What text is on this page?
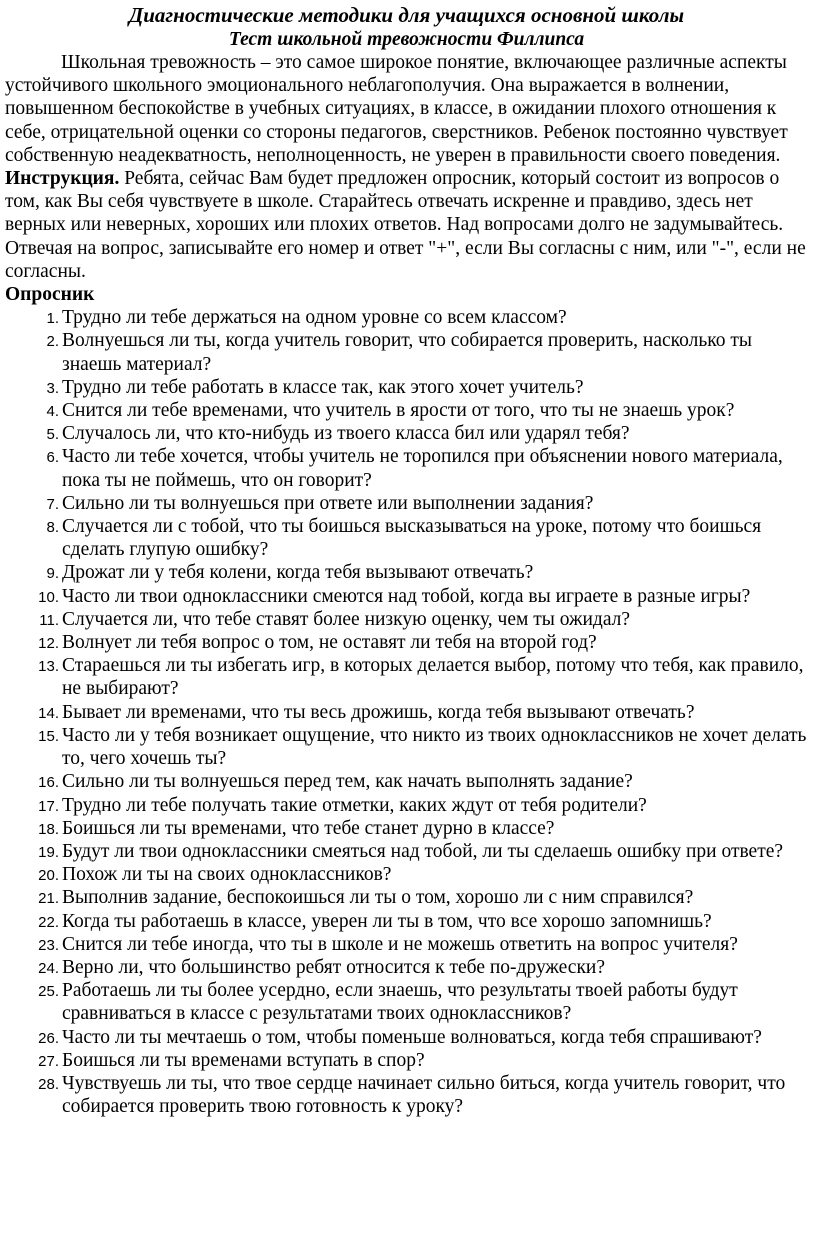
Диагностические методики для учащихся основной школы
Тест школьной тревожности Филлипса

Школьная тревожность – это самое широкое понятие, включающее различные аспекты устойчивого школьного эмоционального неблагополучия. Она выражается в волнении, повышенном беспокойстве в учебных ситуациях, в классе, в ожидании плохого отношения к себе, отрицательной оценки со стороны педагогов, сверстников. Ребенок постоянно чувствует собственную неадекватность, неполноценность, не уверен в правильности своего поведения.

Инструкция. Ребята, сейчас Вам будет предложен опросник, который состоит из вопросов о том, как Вы себя чувствуете в школе. Старайтесь отвечать искренне и правдиво, здесь нет верных или неверных, хороших или плохих ответов. Над вопросами долго не задумывайтесь. Отвечая на вопрос, записывайте его номер и ответ "+", если Вы согласны с ним, или "-", если не согласны.

Опросник

1. Трудно ли тебе держаться на одном уровне со всем классом?
2. Волнуешься ли ты, когда учитель говорит, что собирается проверить, насколько ты знаешь материал?
3. Трудно ли тебе работать в классе так, как этого хочет учитель?
4. Снится ли тебе временами, что учитель в ярости от того, что ты не знаешь урок?
5. Случалось ли, что кто-нибудь из твоего класса бил или ударял тебя?
6. Часто ли тебе хочется, чтобы учитель не торопился при объяснении нового материала, пока ты не поймешь, что он говорит?
7. Сильно ли ты волнуешься при ответе или выполнении задания?
8. Случается ли с тобой, что ты боишься высказываться на уроке, потому что боишься сделать глупую ошибку?
9. Дрожат ли у тебя колени, когда тебя вызывают отвечать?
10. Часто ли твои одноклассники смеются над тобой, когда вы играете в разные игры?
11. Случается ли, что тебе ставят более низкую оценку, чем ты ожидал?
12. Волнует ли тебя вопрос о том, не оставят ли тебя на второй год?
13. Стараешься ли ты избегать игр, в которых делается выбор, потому что тебя, как правило, не выбирают?
14. Бывает ли временами, что ты весь дрожишь, когда тебя вызывают отвечать?
15. Часто ли у тебя возникает ощущение, что никто из твоих одноклассников не хочет делать то, чего хочешь ты?
16. Сильно ли ты волнуешься перед тем, как начать выполнять задание?
17. Трудно ли тебе получать такие отметки, каких ждут от тебя родители?
18. Боишься ли ты временами, что тебе станет дурно в классе?
19. Будут ли твои одноклассники смеяться над тобой, ли ты сделаешь ошибку при ответе?
20. Похож ли ты на своих одноклассников?
21. Выполнив задание, беспокоишься ли ты о том, хорошо ли с ним справился?
22. Когда ты работаешь в классе, уверен ли ты в том, что все хорошо запомнишь?
23. Снится ли тебе иногда, что ты в школе и не можешь ответить на вопрос учителя?
24. Верно ли, что большинство ребят относится к тебе по-дружески?
25. Работаешь ли ты более усердно, если знаешь, что результаты твоей работы будут сравниваться в классе с результатами твоих одноклассников?
26. Часто ли ты мечтаешь о том, чтобы поменьше волноваться, когда тебя спрашивают?
27. Боишься ли ты временами вступать в спор?
28. Чувствуешь ли ты, что твое сердце начинает сильно биться, когда учитель говорит, что собирается проверить твою готовность к уроку?
